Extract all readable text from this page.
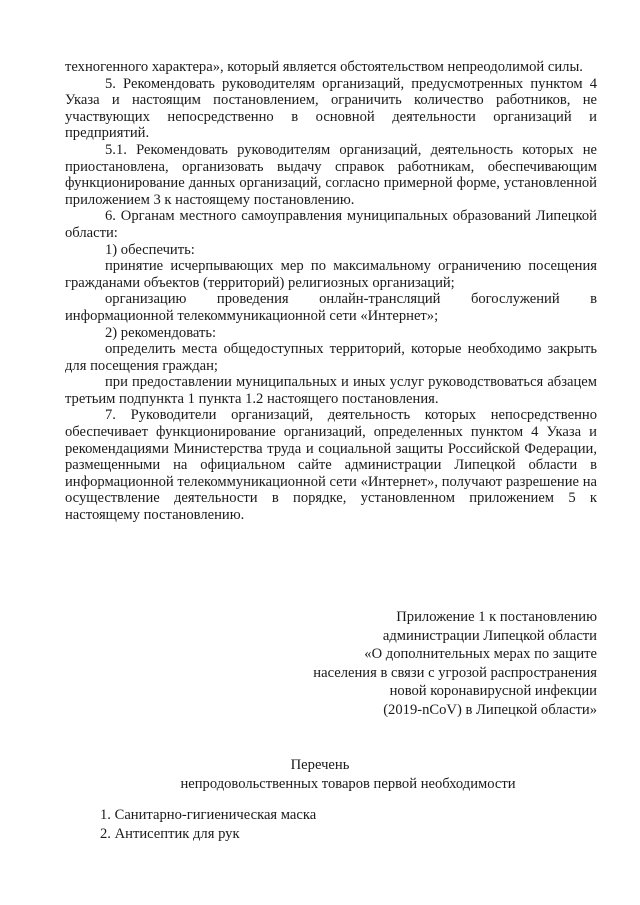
техногенного характера», который является обстоятельством непреодолимой силы.

5. Рекомендовать руководителям организаций, предусмотренных пунктом 4 Указа и настоящим постановлением, ограничить количество работников, не участвующих непосредственно в основной деятельности организаций и предприятий.

5.1. Рекомендовать руководителям организаций, деятельность которых не приостановлена, организовать выдачу справок работникам, обеспечивающим функционирование данных организаций, согласно примерной форме, установленной приложением 3 к настоящему постановлению.

6. Органам местного самоуправления муниципальных образований Липецкой области:

1) обеспечить:

принятие исчерпывающих мер по максимальному ограничению посещения гражданами объектов (территорий) религиозных организаций;

организацию проведения онлайн-трансляций богослужений в информационной телекоммуникационной сети «Интернет»;

2) рекомендовать:

определить места общедоступных территорий, которые необходимо закрыть для посещения граждан;

при предоставлении муниципальных и иных услуг руководствоваться абзацем третьим подпункта 1 пункта 1.2 настоящего постановления.

7. Руководители организаций, деятельность которых непосредственно обеспечивает функционирование организаций, определенных пунктом 4 Указа и рекомендациями Министерства труда и социальной защиты Российской Федерации, размещенными на официальном сайте администрации Липецкой области в информационной телекоммуникационной сети «Интернет», получают разрешение на осуществление деятельности в порядке, установленном приложением 5 к настоящему постановлению.

Приложение 1 к постановлению
администрации Липецкой области
«О дополнительных мерах по защите
населения в связи с угрозой распространения
новой коронавирусной инфекции
(2019-nCoV) в Липецкой области»
Перечень
непродовольственных товаров первой необходимости
1. Санитарно-гигиеническая маска
2. Антисептик для рук
